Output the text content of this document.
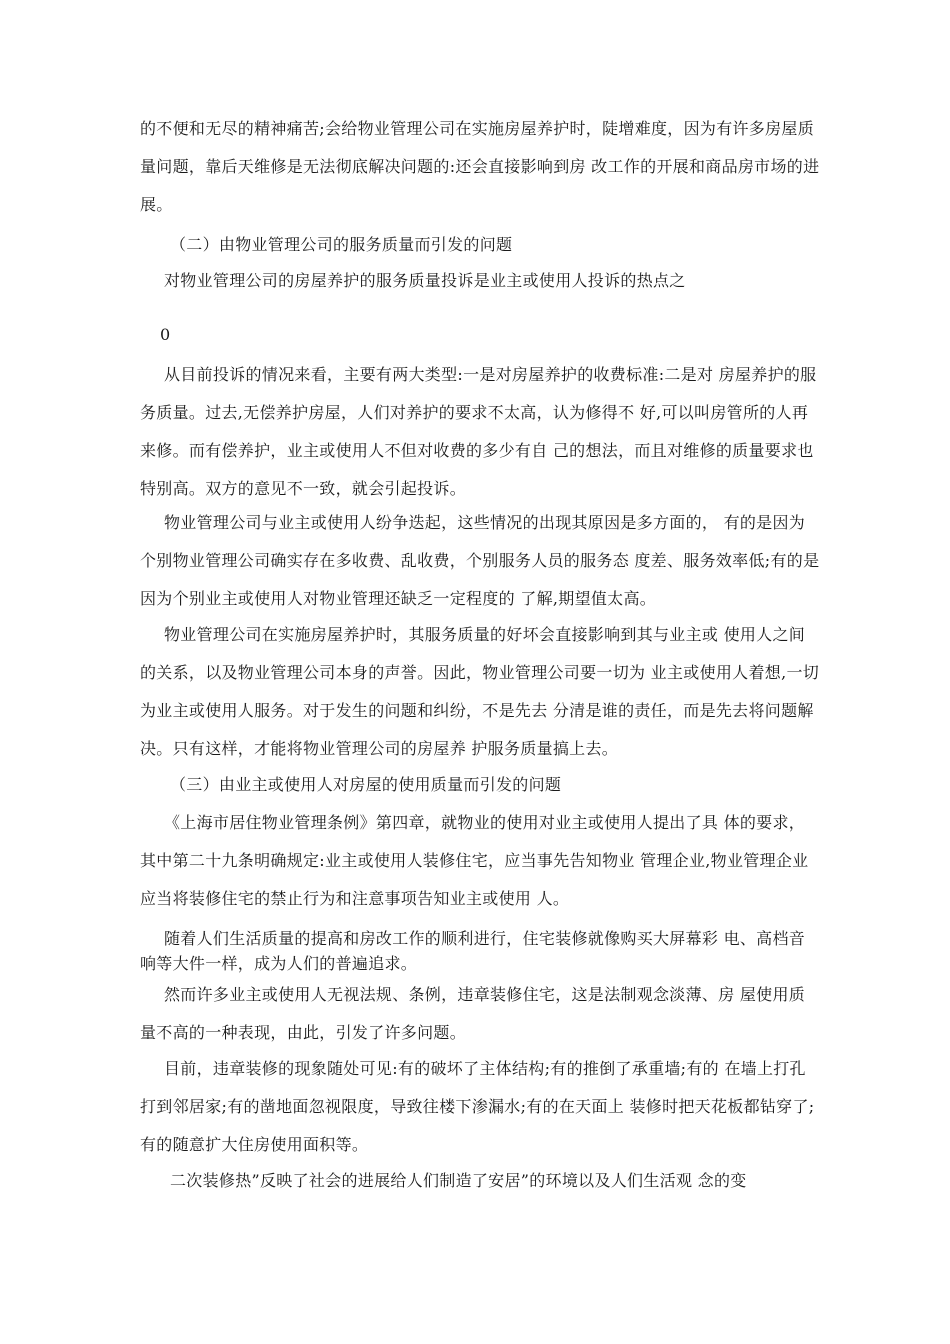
的不便和无尽的精神痛苦;会给物业管理公司在实施房屋养护时，陡增难度，因为有许多房屋质量问题，靠后天维修是无法彻底解决问题的:还会直接影响到房 改工作的开展和商品房市场的进展。

（二）由物业管理公司的服务质量而引发的问题

对物业管理公司的房屋养护的服务质量投诉是业主或使用人投诉的热点之

0

从目前投诉的情况来看，主要有两大类型:一是对房屋养护的收费标准:二是对 房屋养护的服务质量。过去,无偿养护房屋，人们对养护的要求不太高，认为修得不 好,可以叫房管所的人再来修。而有偿养护，业主或使用人不但对收费的多少有自 己的想法，而且对维修的质量要求也特别高。双方的意见不一致，就会引起投诉。

物业管理公司与业主或使用人纷争迭起，这些情况的出现其原因是多方面的， 有的是因为个别物业管理公司确实存在多收费、乱收费，个别服务人员的服务态 度差、服务效率低;有的是因为个别业主或使用人对物业管理还缺乏一定程度的 了解,期望值太高。

物业管理公司在实施房屋养护时，其服务质量的好坏会直接影响到其与业主或 使用人之间的关系，以及物业管理公司本身的声誉。因此，物业管理公司要一切为 业主或使用人着想,一切为业主或使用人服务。对于发生的问题和纠纷，不是先去 分清是谁的责任，而是先去将问题解决。只有这样，才能将物业管理公司的房屋养 护服务质量搞上去。

（三）由业主或使用人对房屋的使用质量而引发的问题

《上海市居住物业管理条例》第四章，就物业的使用对业主或使用人提出了具 体的要求，其中第二十九条明确规定:业主或使用人装修住宅，应当事先告知物业 管理企业,物业管理企业应当将装修住宅的禁止行为和注意事项告知业主或使用 人。

随着人们生活质量的提高和房改工作的顺利进行，住宅装修就像购买大屏幕彩 电、高档音响等大件一样，成为人们的普遍追求。

然而许多业主或使用人无视法规、条例，违章装修住宅，这是法制观念淡薄、房 屋使用质量不高的一种表现，由此，引发了许多问题。

目前，违章装修的现象随处可见:有的破坏了主体结构;有的推倒了承重墙;有的 在墙上打孔打到邻居家;有的凿地面忽视限度，导致往楼下渗漏水;有的在天面上 装修时把天花板都钻穿了;有的随意扩大住房使用面积等。

二次装修热”反映了社会的进展给人们制造了安居”的环境以及人们生活观 念的变
